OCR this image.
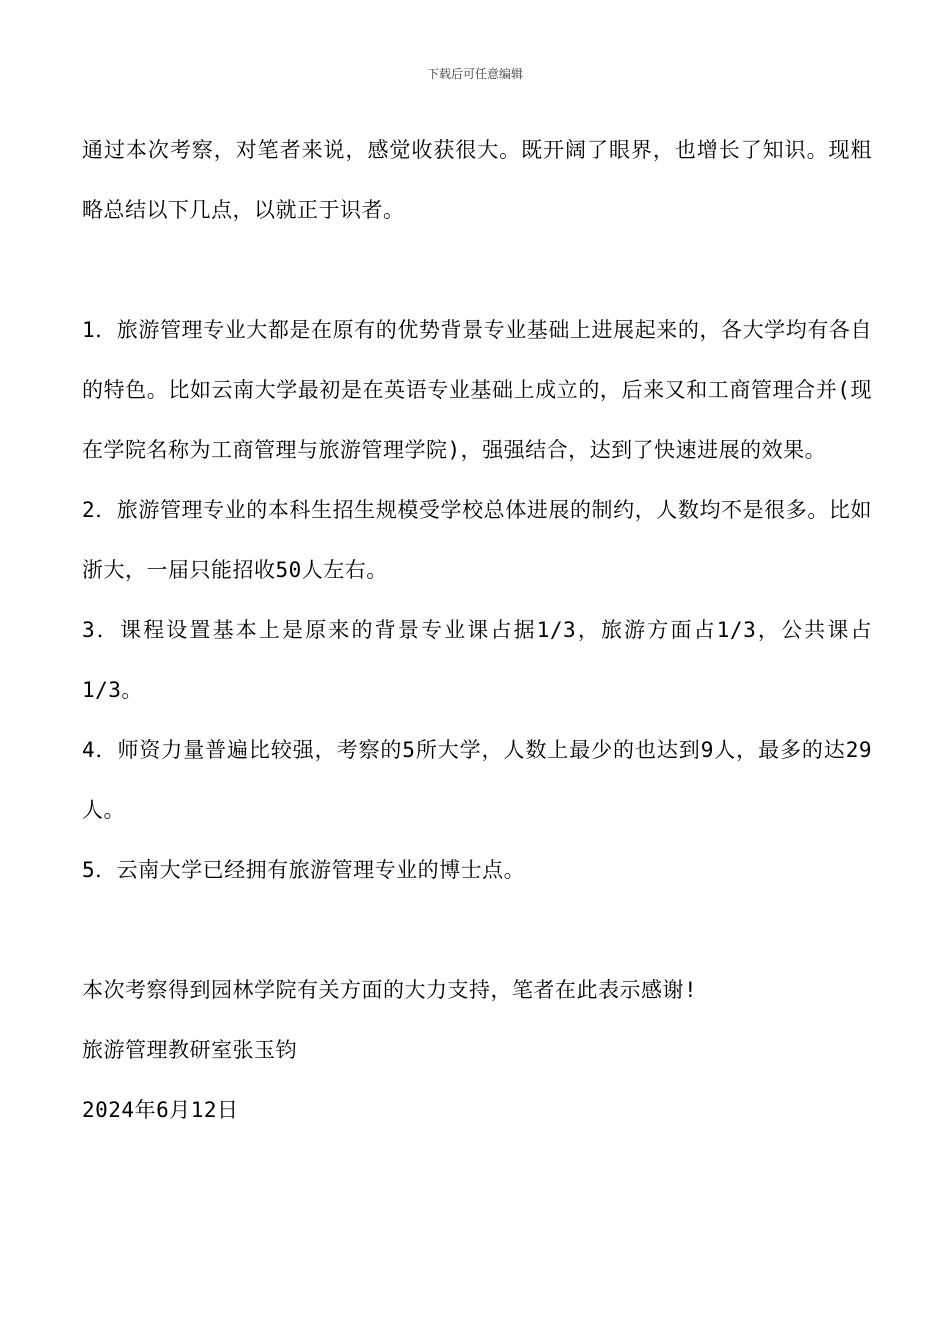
下载后可任意编辑

通过本次考察，对笔者来说，感觉收获很大。既开阔了眼界，也增长了知识。现粗略总结以下几点，以就正于识者。

1．旅游管理专业大都是在原有的优势背景专业基础上进展起来的，各大学均有各自的特色。比如云南大学最初是在英语专业基础上成立的，后来又和工商管理合并(现在学院名称为工商管理与旅游管理学院)，强强结合，达到了快速进展的效果。

2．旅游管理专业的本科生招生规模受学校总体进展的制约，人数均不是很多。比如浙大，一届只能招收50人左右。

3．课程设置基本上是原来的背景专业课占据1/3，旅游方面占1/3，公共课占1/3。

4．师资力量普遍比较强，考察的5所大学，人数上最少的也达到9人，最多的达29人。

5．云南大学已经拥有旅游管理专业的博士点。

本次考察得到园林学院有关方面的大力支持，笔者在此表示感谢!

旅游管理教研室张玉钧

2024年6月12日
